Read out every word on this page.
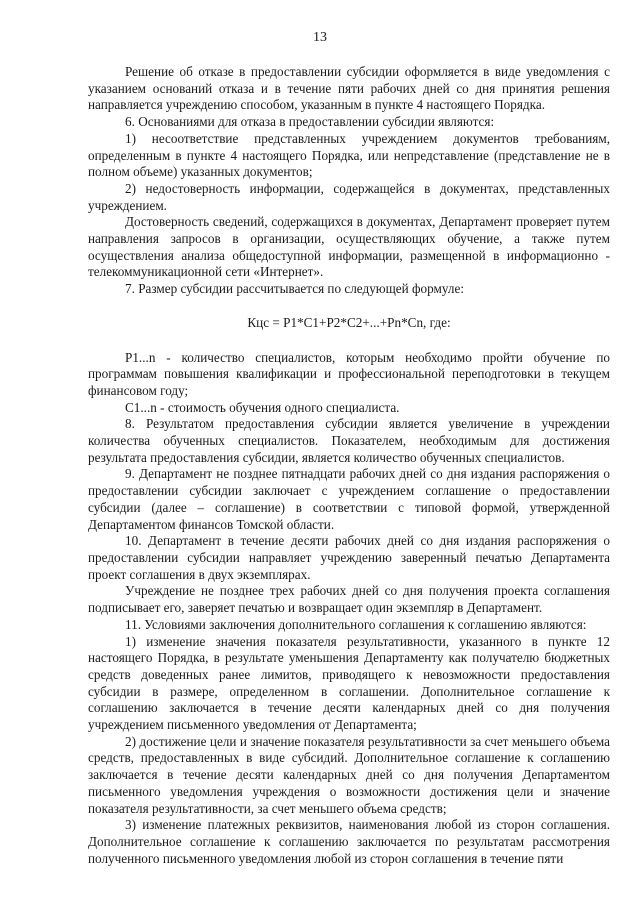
13

Решение об отказе в предоставлении субсидии оформляется в виде уведомления с указанием оснований отказа и в течение пяти рабочих дней со дня принятия решения направляется учреждению способом, указанным в пункте 4 настоящего Порядка.

6. Основаниями для отказа в предоставлении субсидии являются:

1) несоответствие представленных учреждением документов требованиям, определенным в пункте 4 настоящего Порядка, или непредставление (представление не в полном объеме) указанных документов;

2) недостоверность информации, содержащейся в документах, представленных учреждением.

Достоверность сведений, содержащихся в документах, Департамент проверяет путем направления запросов в организации, осуществляющих обучение, а также путем осуществления анализа общедоступной информации, размещенной в информационно - телекоммуникационной сети «Интернет».

7. Размер субсидии рассчитывается по следующей формуле:

Кцс = P1*C1+P2*C2+...+Pn*Cn, где:

P1...n - количество специалистов, которым необходимо пройти обучение по программам повышения квалификации и профессиональной переподготовки в текущем финансовом году;

C1...n - стоимость обучения одного специалиста.

8. Результатом предоставления субсидии является увеличение в учреждении количества обученных специалистов. Показателем, необходимым для достижения результата предоставления субсидии, является количество обученных специалистов.

9. Департамент не позднее пятнадцати рабочих дней со дня издания распоряжения о предоставлении субсидии заключает с учреждением соглашение о предоставлении субсидии (далее – соглашение) в соответствии с типовой формой, утвержденной Департаментом финансов Томской области.

10. Департамент в течение десяти рабочих дней со дня издания распоряжения о предоставлении субсидии направляет учреждению заверенный печатью Департамента проект соглашения в двух экземплярах.

Учреждение не позднее трех рабочих дней со дня получения проекта соглашения подписывает его, заверяет печатью и возвращает один экземпляр в Департамент.

11. Условиями заключения дополнительного соглашения к соглашению являются:

1) изменение значения показателя результативности, указанного в пункте 12 настоящего Порядка, в результате уменьшения Департаменту как получателю бюджетных средств доведенных ранее лимитов, приводящего к невозможности предоставления субсидии в размере, определенном в соглашении. Дополнительное соглашение к соглашению заключается в течение десяти календарных дней со дня получения учреждением письменного уведомления от Департамента;

2) достижение цели и значение показателя результативности за счет меньшего объема средств, предоставленных в виде субсидий. Дополнительное соглашение к соглашению заключается в течение десяти календарных дней со дня получения Департаментом письменного уведомления учреждения о возможности достижения цели и значение показателя результативности, за счет меньшего объема средств;

3) изменение платежных реквизитов, наименования любой из сторон соглашения. Дополнительное соглашение к соглашению заключается по результатам рассмотрения полученного письменного уведомления любой из сторон соглашения в течение пяти
